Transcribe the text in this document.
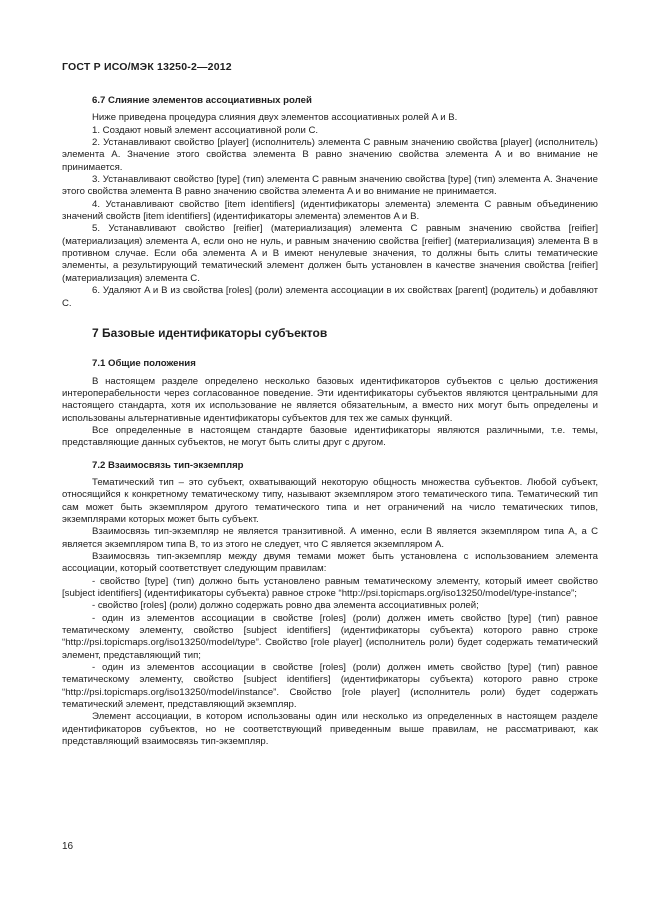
ГОСТ Р ИСО/МЭК 13250-2—2012

6.7 Слияние элементов ассоциативных ролей

Ниже приведена процедура слияния двух элементов ассоциативных ролей A и B.

1. Создают новый элемент ассоциативной роли C.

2. Устанавливают свойство [player] (исполнитель) элемента C равным значению свойства [player] (исполнитель) элемента A. Значение этого свойства элемента B равно значению свойства элемента A и во внимание не принимается.

3. Устанавливают свойство [type] (тип) элемента C равным значению свойства [type] (тип) элемента A. Значение этого свойства элемента B равно значению свойства элемента A и во внимание не принимается.

4. Устанавливают свойство [item identifiers] (идентификаторы элемента) элемента C равным объединению значений свойств [item identifiers] (идентификаторы элемента) элементов A и B.

5. Устанавливают свойство [reifier] (материализация) элемента C равным значению свойства [reifier] (материализация) элемента A, если оно не нуль, и равным значению свойства [reifier] (материализация) элемента B в противном случае. Если оба элемента A и B имеют ненулевые значения, то должны быть слиты тематические элементы, а результирующий тематический элемент должен быть установлен в качестве значения свойства [reifier] (материализация) элемента C.

6. Удаляют A и B из свойства [roles] (роли) элемента ассоциации в их свойствах [parent] (родитель) и добавляют C.

7 Базовые идентификаторы субъектов

7.1 Общие положения

В настоящем разделе определено несколько базовых идентификаторов субъектов с целью достижения интероперабельности через согласованное поведение. Эти идентификаторы субъектов являются центральными для настоящего стандарта, хотя их использование не является обязательным, а вместо них могут быть определены и использованы альтернативные идентификаторы субъектов для тех же самых функций.

Все определенные в настоящем стандарте базовые идентификаторы являются различными, т.е. темы, представляющие данных субъектов, не могут быть слиты друг с другом.

7.2 Взаимосвязь тип-экземпляр

Тематический тип – это субъект, охватывающий некоторую общность множества субъектов. Любой субъект, относящийся к конкретному тематическому типу, называют экземпляром этого тематического типа. Тематический тип сам может быть экземпляром другого тематического типа и нет ограничений на число тематических типов, экземплярами которых может быть субъект.

Взаимосвязь тип-экземпляр не является транзитивной. А именно, если B является экземпляром типа A, а C является экземпляром типа B, то из этого не следует, что C является экземпляром A.

Взаимосвязь тип-экземпляр между двумя темами может быть установлена с использованием элемента ассоциации, который соответствует следующим правилам:

- свойство [type] (тип) должно быть установлено равным тематическому элементу, который имеет свойство [subject identifiers] (идентификаторы субъекта) равное строке “http://psi.topicmaps.org/iso13250/model/type-instance”;

- свойство [roles] (роли) должно содержать ровно два элемента ассоциативных ролей;

- один из элементов ассоциации в свойстве [roles] (роли) должен иметь свойство [type] (тип) равное тематическому элементу, свойство [subject identifiers] (идентификаторы субъекта) которого равно строке “http://psi.topicmaps.org/iso13250/model/type”. Свойство [role player] (исполнитель роли) будет содержать тематический элемент, представляющий тип;

- один из элементов ассоциации в свойстве [roles] (роли) должен иметь свойство [type] (тип) равное тематическому элементу, свойство [subject identifiers] (идентификаторы субъекта) которого равно строке “http://psi.topicmaps.org/iso13250/model/instance”. Свойство [role player] (исполнитель роли) будет содержать тематический элемент, представляющий экземпляр.

Элемент ассоциации, в котором использованы один или несколько из определенных в настоящем разделе идентификаторов субъектов, но не соответствующий приведенным выше правилам, не рассматривают, как представляющий взаимосвязь тип-экземпляр.

16
